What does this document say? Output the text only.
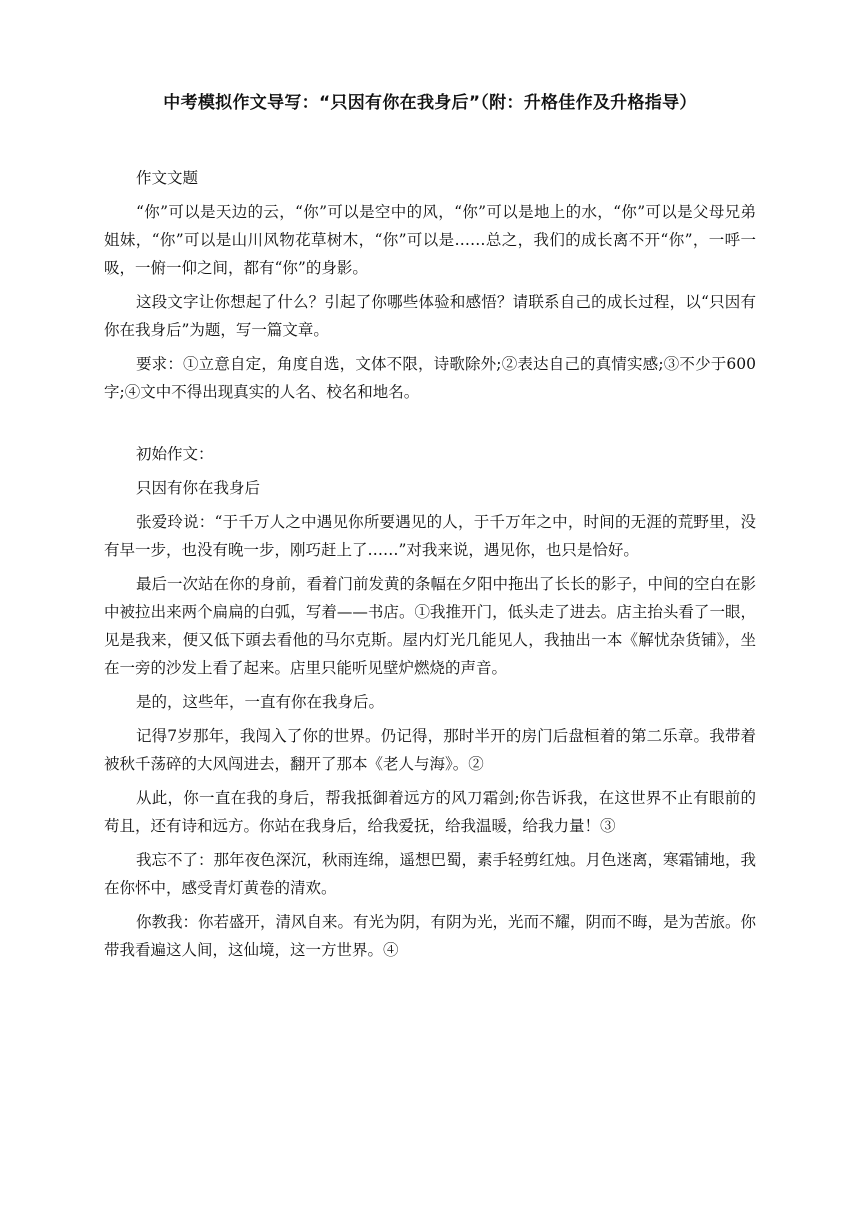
中考模拟作文导写：“只因有你在我身后”（附：升格佳作及升格指导）

作文文题

“你”可以是天边的云，“你”可以是空中的风，“你”可以是地上的水，“你”可以是父母兄弟姐妹，“你”可以是山川风物花草树木，“你”可以是……总之，我们的成长离不开“你”，一呼一吸，一俯一仰之间，都有“你”的身影。

这段文字让你想起了什么？引起了你哪些体验和感悟？请联系自己的成长过程，以“只因有你在我身后”为题，写一篇文章。

要求：①立意自定，角度自选，文体不限，诗歌除外;②表达自己的真情实感;③不少于600字;④文中不得出现真实的人名、校名和地名。

初始作文：

只因有你在我身后

张爱玲说：“于千万人之中遇见你所要遇见的人，于千万年之中，时间的无涯的荒野里，没有早一步，也没有晚一步，刚巧赶上了……”对我来说，遇见你，也只是恰好。

最后一次站在你的身前，看着门前发黄的条幅在夕阳中拖出了长长的影子，中间的空白在影中被拉出来两个扁扁的白弧，写着——书店。①我推开门，低头走了进去。店主抬头看了一眼，见是我来，便又低下頭去看他的马尔克斯。屋内灯光几能见人，我抽出一本《解忧杂货铺》，坐在一旁的沙发上看了起来。店里只能听见壁炉燃烧的声音。

是的，这些年，一直有你在我身后。

记得7岁那年，我闯入了你的世界。仍记得，那时半开的房门后盘桓着的第二乐章。我带着被秋千荡碎的大风闯进去，翻开了那本《老人与海》。②

从此，你一直在我的身后，帮我抵御着远方的风刀霜剑;你告诉我，在这世界不止有眼前的苟且，还有诗和远方。你站在我身后，给我爱抚，给我温暖，给我力量！③

我忘不了：那年夜色深沉，秋雨连绵，遥想巴蜀，素手轻剪红烛。月色迷离，寒霜铺地，我在你怀中，感受青灯黄卷的清欢。

你教我：你若盛开，清风自来。有光为阴，有阴为光，光而不耀，阴而不晦，是为苦旅。你带我看遍这人间，这仙境，这一方世界。④
